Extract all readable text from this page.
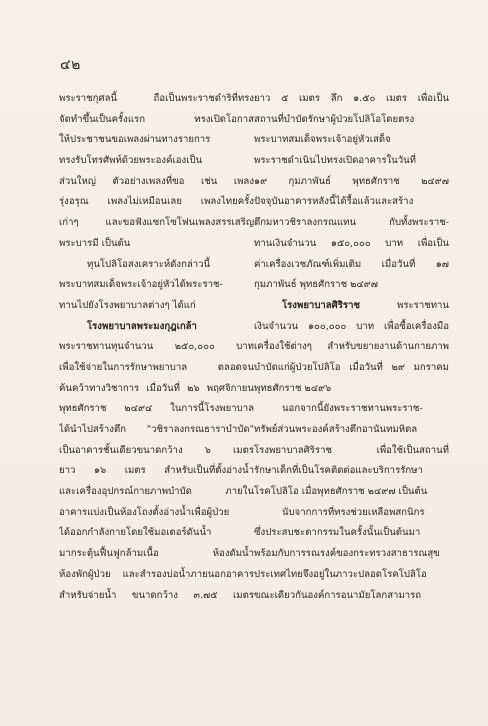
๔๒
พระราชกุศลนี้ ถือเป็นพระราชดำริที่ทรง
จัดทำขึ้นเป็นครั้งแรก ทรงเปิดโอกาส
ให้ประชาชนขอเพลงผ่านทางรายการ
ทรงรับโทรศัพท์ด้วยพระองค์เองเป็น
ส่วนใหญ่ ตัวอย่างเพลงที่ขอ เช่น เพลง
รุ่งอรุณ เพลงไม่เหมือนเลย เพลงไทยครั้ง
เก่าๆ และขอฟังแซกโซโฟนเพลงสรรเสริญ
พระบารมี เป็นต้น
ทุนโปลิโอสงเคราะห์ดังกล่าวนี้
พระบาทสมเด็จพระเจ้าอยู่หัวได้พระราช-
ทานไปยังโรงพยาบาลต่างๆ ได้แก่
โรงพยาบาลพระมงกุฎเกล้า
พระราชทานทุนจำนวน ๒๕๐,๐๐๐ บาท
เพื่อใช้จ่ายในการรักษาพยาบาล ตลอดจน
ค้นคว้าทางวิชาการ เมื่อวันที่ ๒๖ พฤศจิกายน
พุทธศักราช ๒๔๙๔ ในการนี้โรงพยาบาล
ได้นำไปสร้างตึก "วชิราลงกรณธาราบำบัด"
เป็นอาคารชั้นเดียวขนาดกว้าง ๖ เมตร
ยาว ๑๖ เมตร สำหรับเป็นที่ตั้งอ่างน้ำ
และเครื่องอุปกรณ์กายภาพบำบัด ภายใน
อาคารแบ่งเป็นห้องโถงตั้งอ่างน้ำเพื่อผู้ป่วย
ได้ออกกำลังกายโดยใช้มอเตอร์ดันน้ำ
มากระตุ้นฟื้นฟูกล้ามเนื้อ ห้องดัมน้ำ
ห้องพักผู้ป่วย และสำรองบ่อน้ำภายนอกอาคาร
สำหรับจ่ายน้ำ ขนาดกว้าง ๓.๗๕ เมตร
ยาว ๕ เมตร ลึก ๑.๕๐ เมตร เพื่อเป็น
สถานที่บำบัดรักษาผู้ป่วยโปลิโอโดยตรง
พระบาทสมเด็จพระเจ้าอยู่หัวเสด็จ
พระราชดำเนินไปทรงเปิดอาคารในวันที่
๑๙ กุมภาพันธ์ พุทธศักราช ๒๔๙๗
ปัจจุบันอาคารหลังนี้ได้รื้อแล้วและสร้าง
ตึกมหาวชิราลงกรณแทน กับทั้งพระราช-
ทานเงินจำนวน ๑๕๐,๐๐๐ บาท เพื่อเป็น
ค่าเครื่องเวชภัณฑ์เพิ่มเติม เมื่อวันที่ ๑๗
กุมภาพันธ์ พุทธศักราช ๒๔๙๗
โรงพยาบาลศิริราช พระราชทาน
เงินจำนวน ๑๐๐,๐๐๐ บาท เพื่อซื้อเครื่องมือ
เครื่องใช้ต่างๆ สำหรับขยายงานด้านกายภาพ
บำบัดแก่ผู้ป่วยโปลิโอ เมื่อวันที่ ๒๙ มกราคม
พุทธศักราช ๒๔๙๖
นอกจากนี้ยังพระราชทานพระราช-
ทรัพย์ส่วนพระองค์สร้างตึกอานันทมหิดล
โรงพยาบาลศิริราช เพื่อใช้เป็นสถานที่
รักษาเด็กที่เป็นโรคติดต่อและบริการรักษา
โรคโปลิโอ เมื่อพุทธศักราช ๒๔๙๗ เป็นต้น
นับจากการที่ทรงช่วยเหลือพสกนิกร
ซึ่งประสบชะตากรรมในครั้งนั้นเป็นต้นมา
พร้อมกับการรณรงค์ของกระทรวงสาธารณสุข
ประเทศไทยจึงอยู่ในภาวะปลอดโรคโปลิโอ
ขณะเดียวกันองค์การอนามัยโลกสามารถ
